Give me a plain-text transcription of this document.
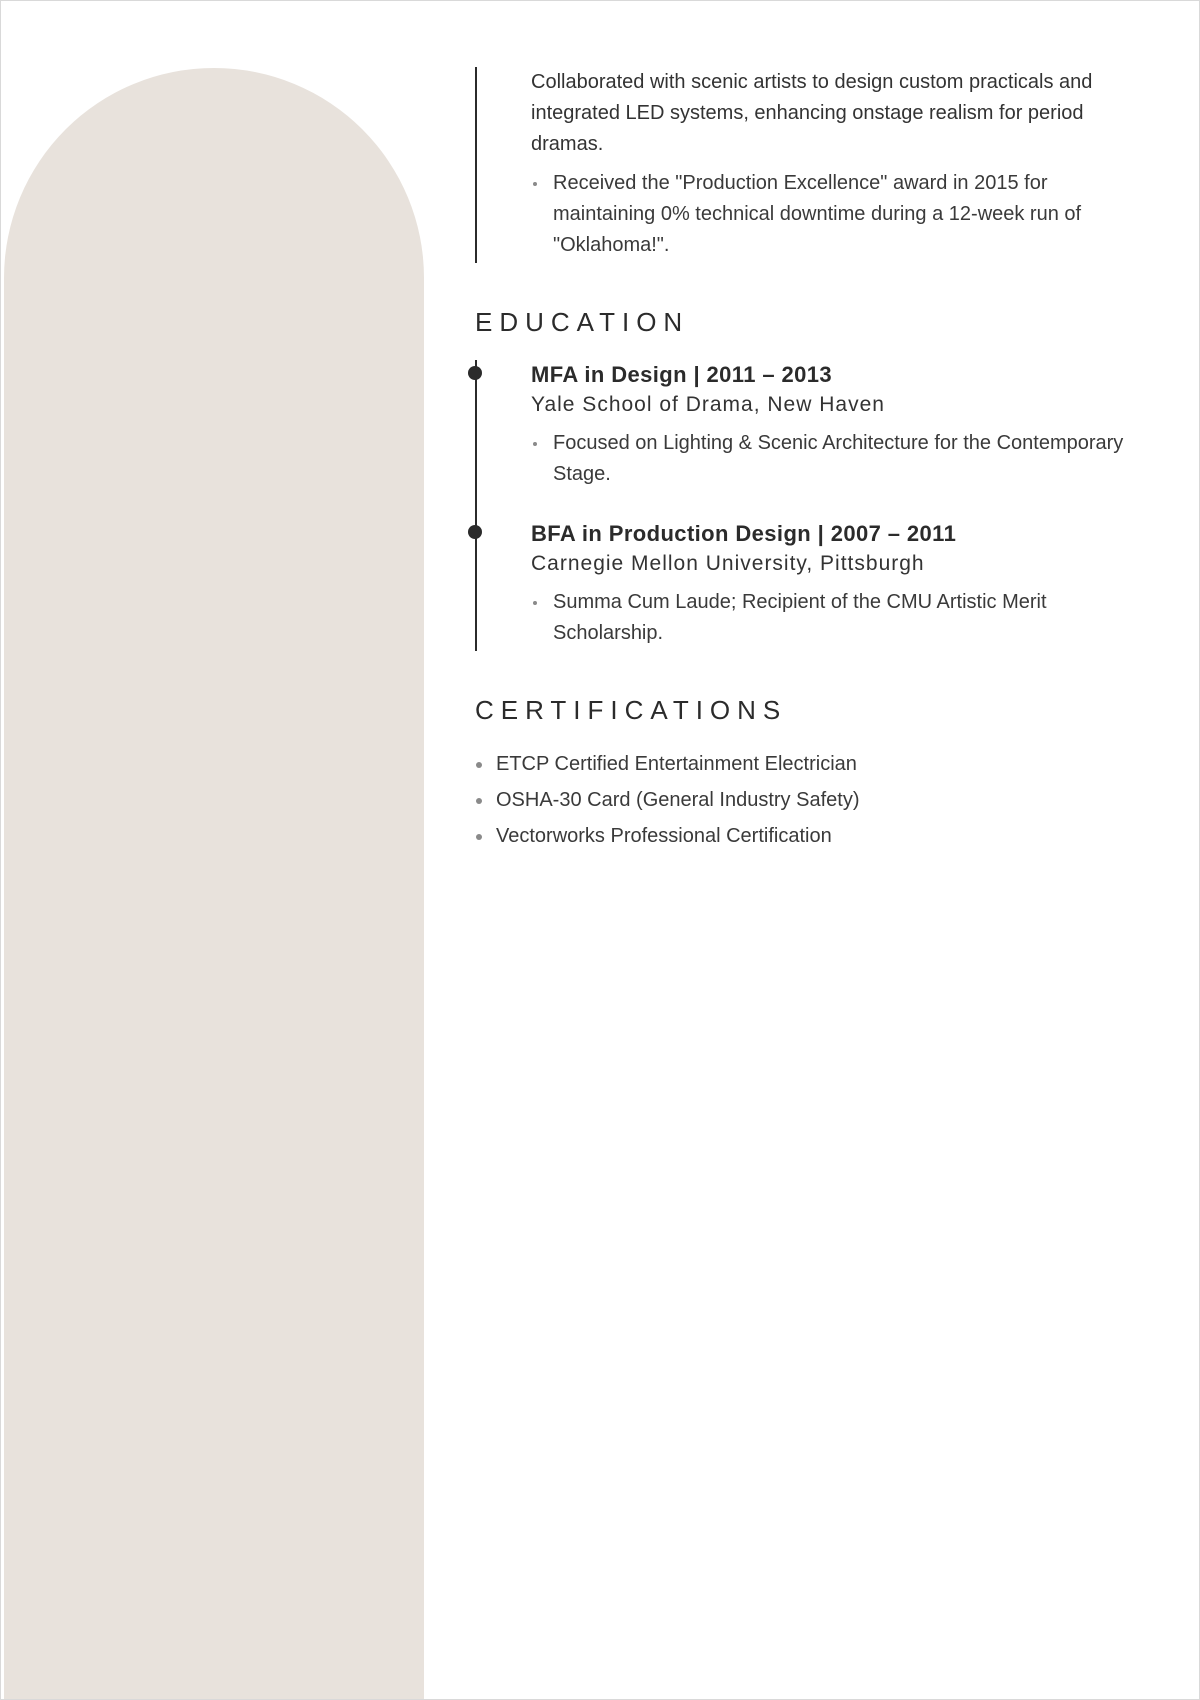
Collaborated with scenic artists to design custom practicals and integrated LED systems, enhancing onstage realism for period dramas.

Received the "Production Excellence" award in 2015 for maintaining 0% technical downtime during a 12-week run of "Oklahoma!".
EDUCATION

MFA in Design | 2011 – 2013

Yale School of Drama, New Haven

Focused on Lighting & Scenic Architecture for the Contemporary Stage.

BFA in Production Design | 2007 – 2011

Carnegie Mellon University, Pittsburgh

Summa Cum Laude; Recipient of the CMU Artistic Merit Scholarship.
CERTIFICATIONS
ETCP Certified Entertainment Electrician
OSHA-30 Card (General Industry Safety)
Vectorworks Professional Certification
